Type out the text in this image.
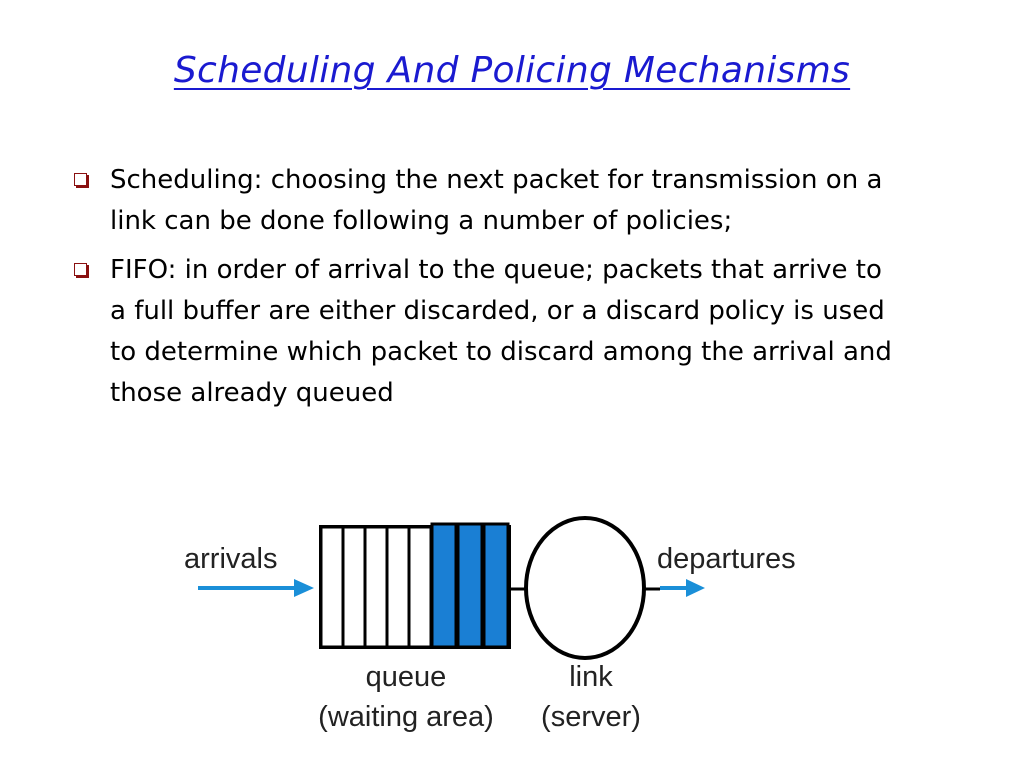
Scheduling And Policing Mechanisms
Scheduling: choosing the next packet for transmission on a link can be done following a number of policies;
FIFO: in order of arrival to the queue; packets that arrive to a full buffer are either discarded, or a discard policy is used to determine which packet to discard among the arrival and those already queued
arrivals	departures
queue
(waiting area)
link
(server)
